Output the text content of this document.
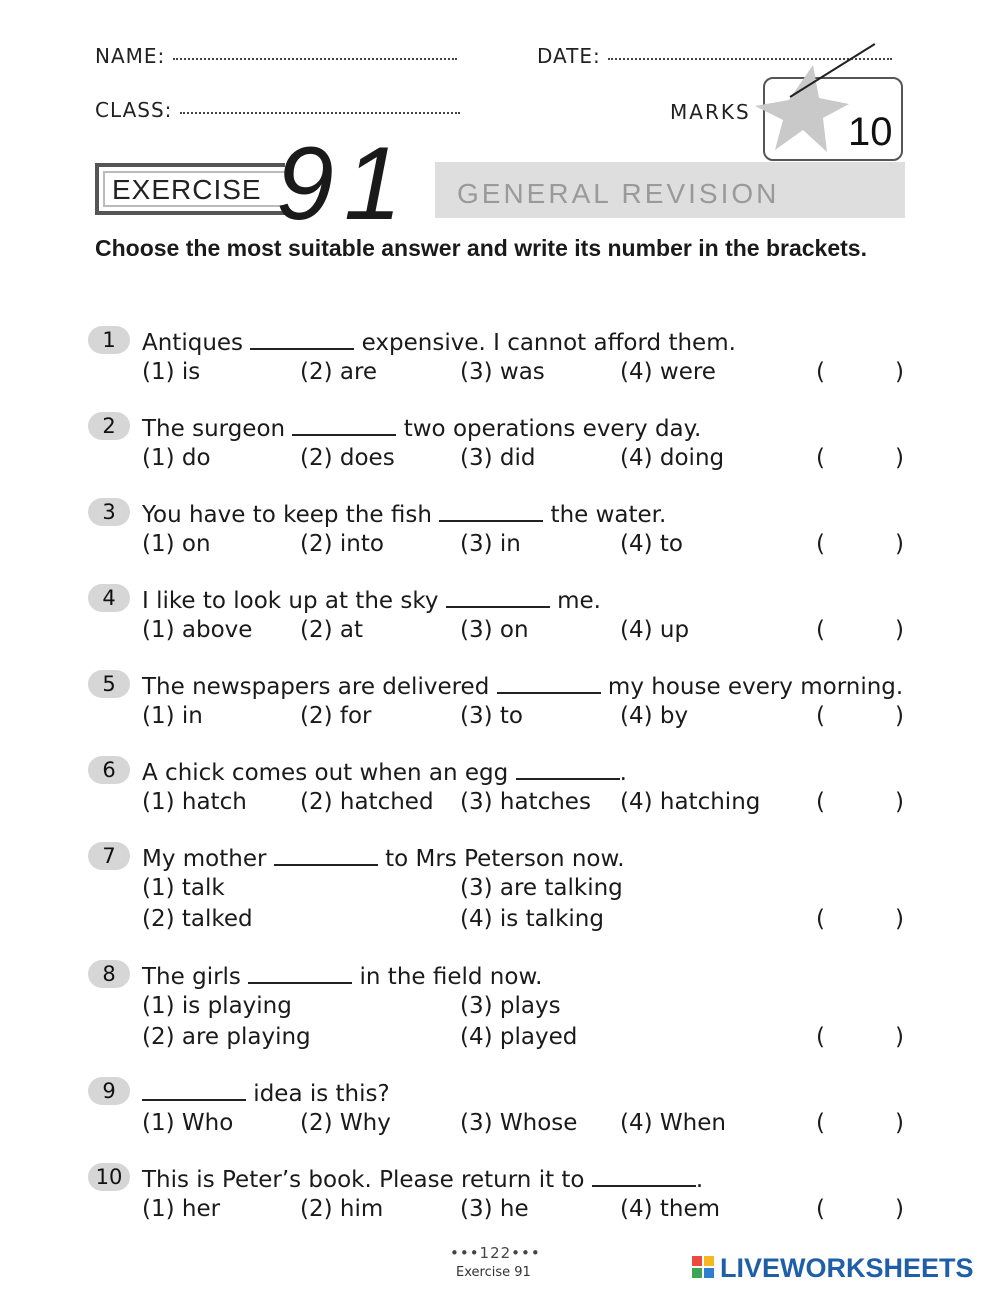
NAME:	DATE:
CLASS:	MARKS 10
EXERCISE 91 GENERAL REVISION
Choose the most suitable answer and write its number in the brackets.
1	Antiques	expensive. I cannot afford them.
(1) is	(2) are	(3) was	(4) were	(	)
2	The surgeon	two operations every day.
(1) do	(2) does	(3) did	(4) doing	(	)
3	You have to keep the fish	the water.
(1) on	(2) into	(3) in	(4) to	(	)
4	I like to look up at the sky	me.
(1) above (2) at	(3) on	(4) up	(	)
5	The newspapers are delivered	my house every morning.
(1) in	(2) for	(3) to	(4) by	(	)
6	A chick comes out when an egg	.
(1) hatch (2) hatched (3) hatches (4) hatching (	)
7	My mother	to Mrs Peterson now.
(1) talk	(3) are talking
(2) talked	(4) is talking	(	)
8	The girls	in the field now.
(1) is playing	(3) plays
(2) are playing	(4) played	(	)
9	idea is this?
(1) Who	(2) Why	(3) Whose (4) When	(	)
10 This is Peter’s book. Please return it to	.
(1) her	(2) him	(3) he	(4) them	(	)
•••122•••
Exercise 91	LIVEWORKSHEETS
